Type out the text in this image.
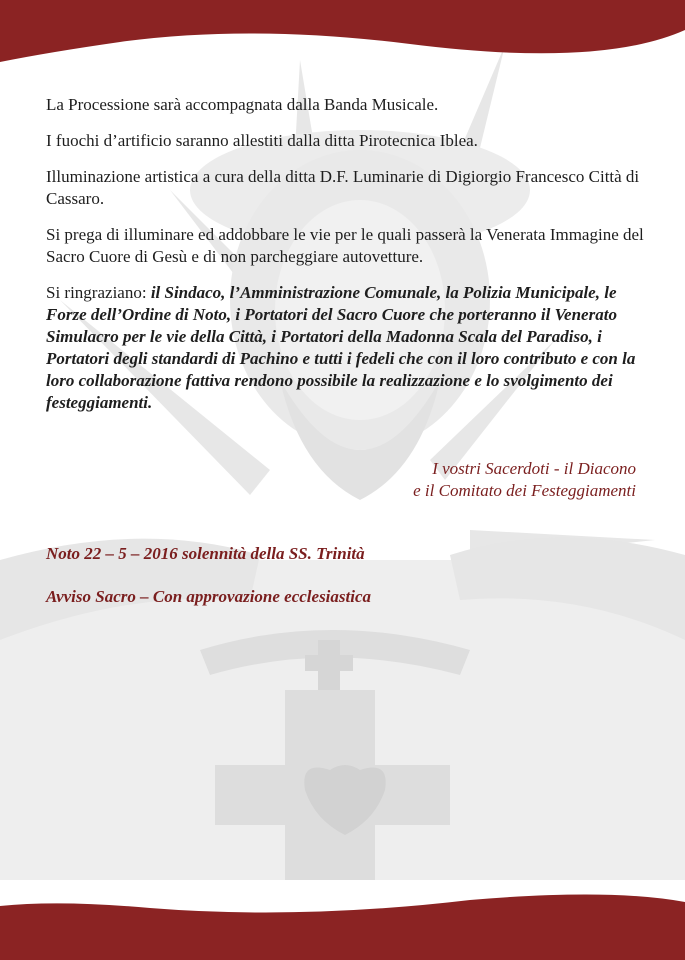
La Processione sarà accompagnata dalla Banda Musicale.

I fuochi d’artificio saranno allestiti dalla ditta Pirotecnica Iblea.

Illuminazione artistica a cura della ditta D.F. Luminarie di Digiorgio Francesco Città di Cassaro.

Si prega di illuminare ed addobbare le vie per le quali passerà la Venerata Immagine del Sacro Cuore di Gesù e di non parcheggiare autovetture.

Si ringraziano: il Sindaco, l’Amministrazione Comunale, la Polizia Municipale, le Forze dell’Ordine di Noto, i Portatori del Sacro Cuore che porteranno il Venerato Simulacro per le vie della Città, i Portatori della Madonna Scala del Paradiso, i Portatori degli standardi di Pachino e tutti i fedeli che con il loro contributo e con la loro collaborazione fattiva rendono possibile la realizzazione e lo svolgimento dei festeggiamenti.

I vostri Sacerdoti - il Diacono
e il Comitato dei Festeggiamenti
Noto 22 – 5 – 2016 solennità della SS. Trinità
Avviso Sacro – Con approvazione ecclesiastica
